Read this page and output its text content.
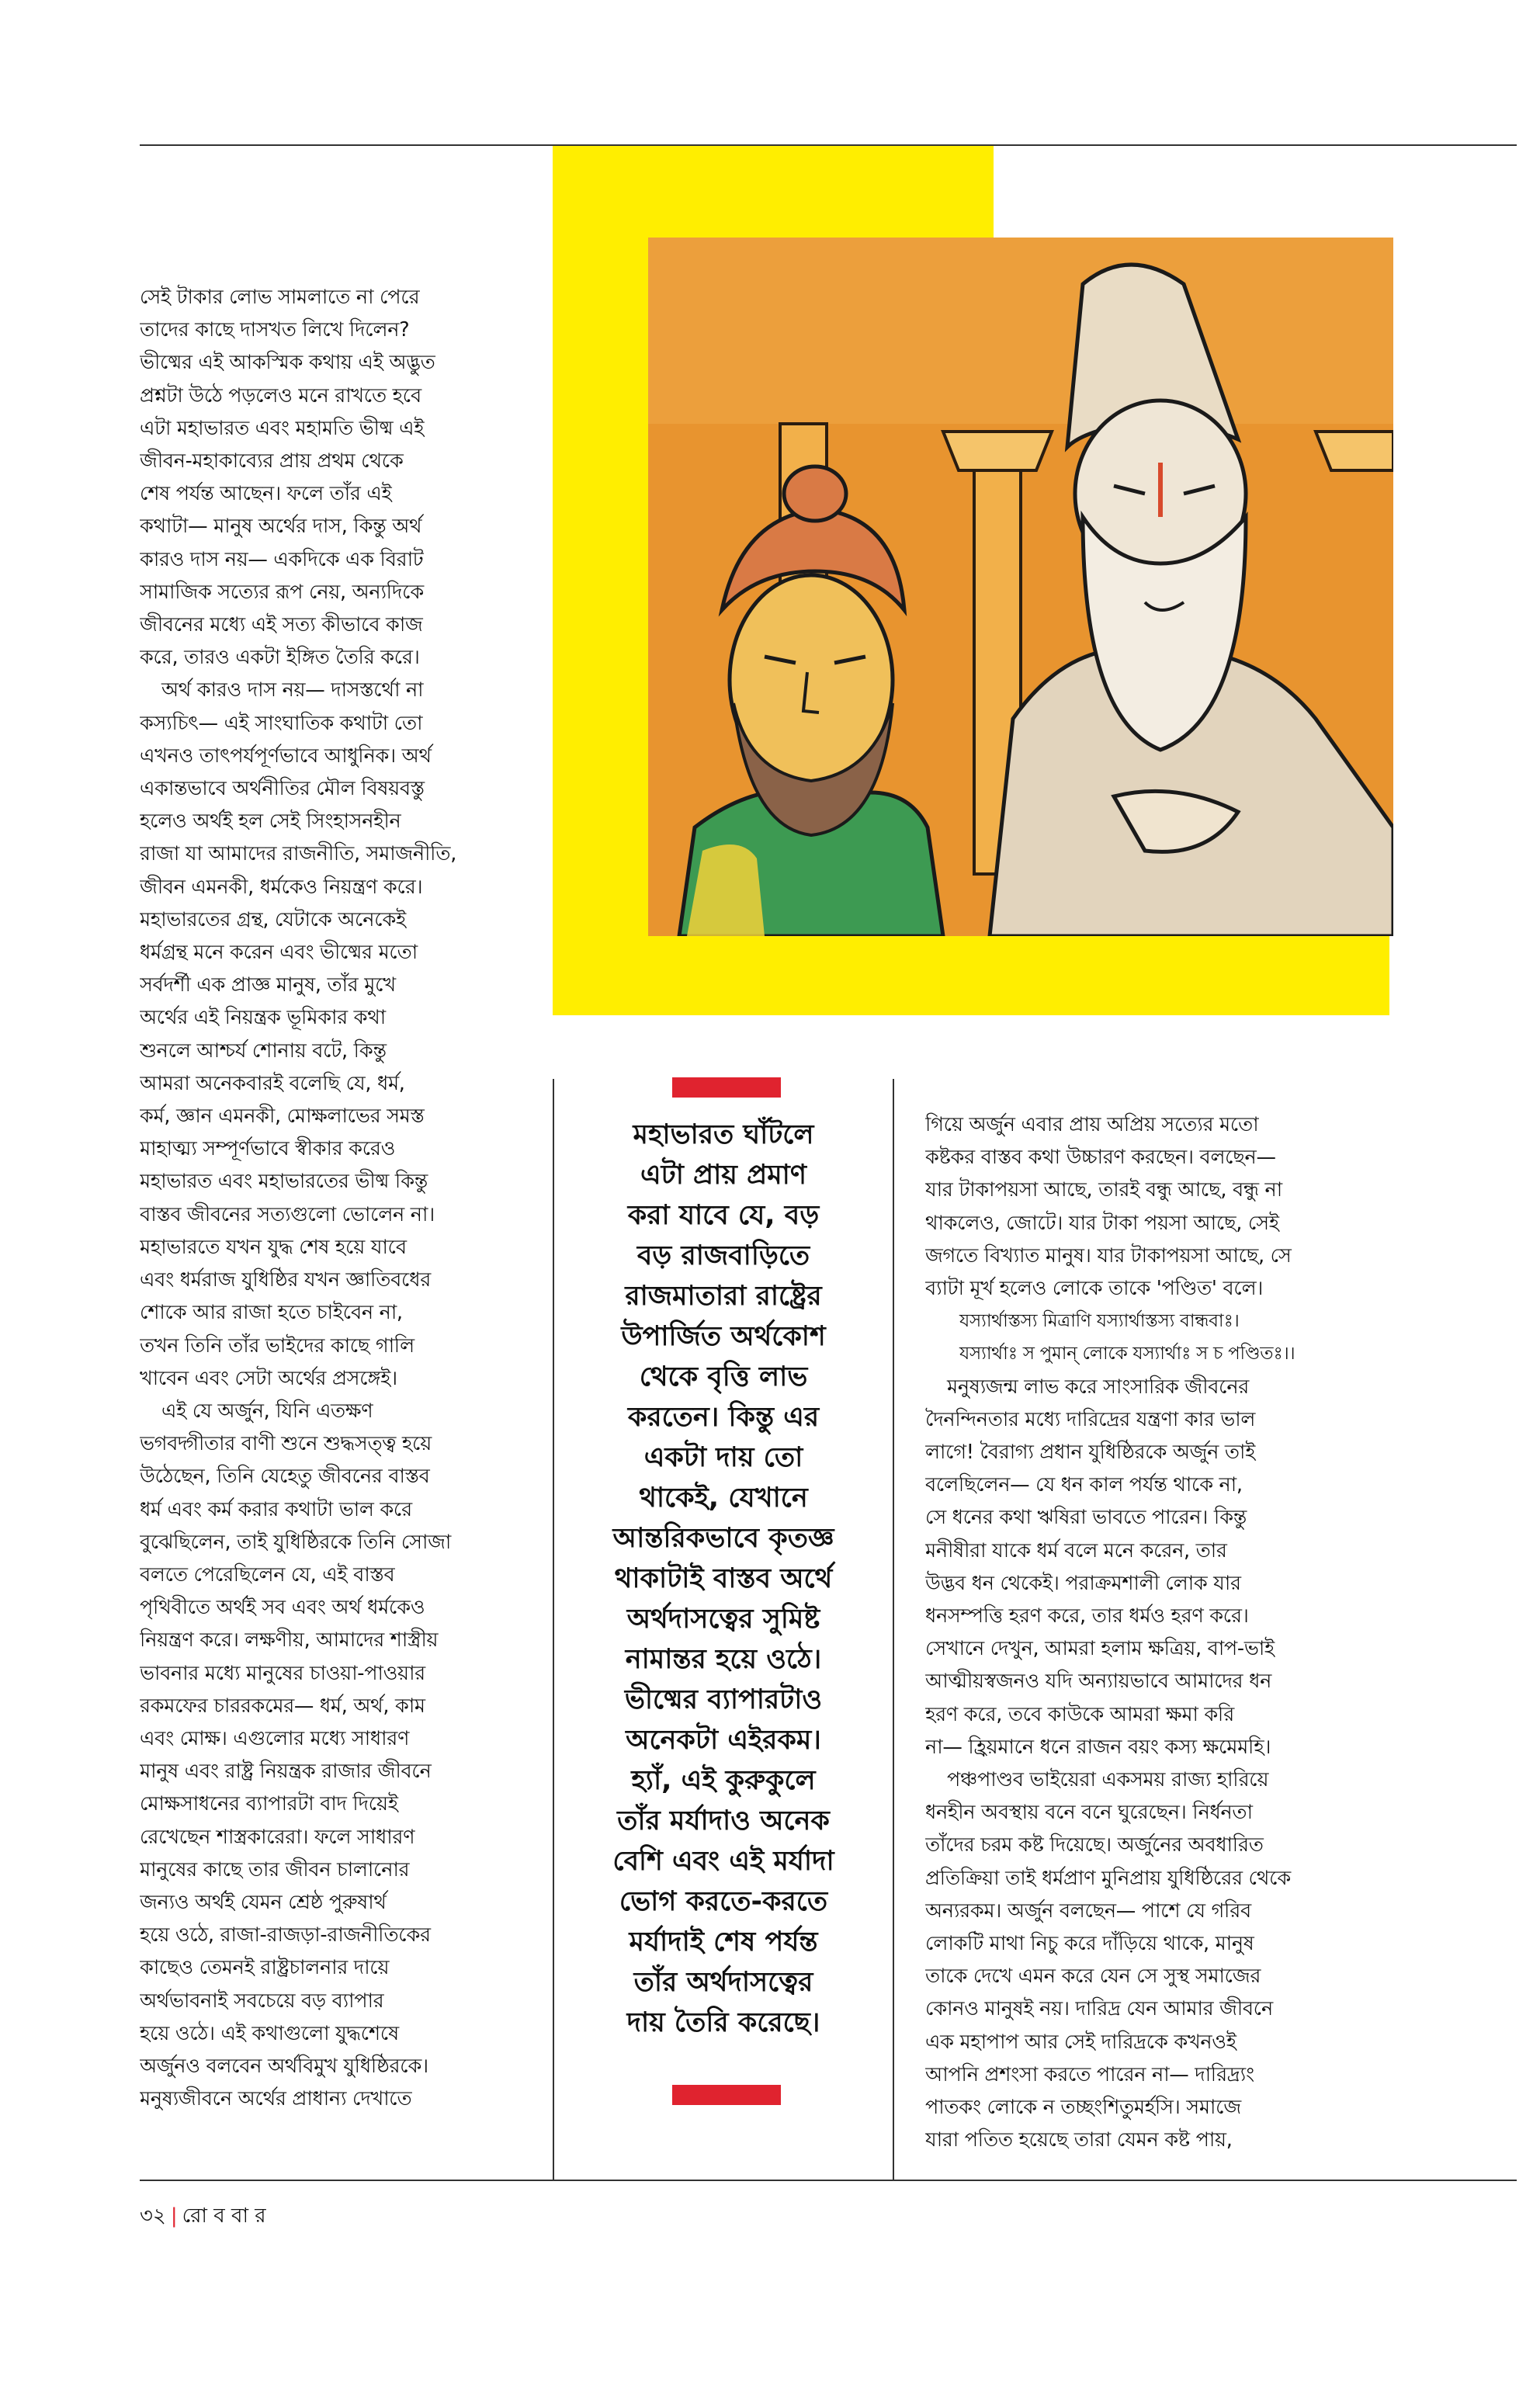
সেই টাকার লোভ সামলাতে না পেরে
তাদের কাছে দাসখত লিখে দিলেন?
ভীষ্মের এই আকস্মিক কথায় এই অদ্ভুত
প্রশ্নটা উঠে পড়লেও মনে রাখতে হবে
এটা মহাভারত এবং মহামতি ভীষ্ম এই
জীবন-মহাকাব্যের প্রায় প্রথম থেকে
শেষ পর্যন্ত আছেন। ফলে তাঁর এই
কথাটা— মানুষ অর্থের দাস, কিন্তু অর্থ
কারও দাস নয়— একদিকে এক বিরাট
সামাজিক সত্যের রূপ নেয়, অন্যদিকে
জীবনের মধ্যে এই সত্য কীভাবে কাজ
করে, তারও একটা ইঙ্গিত তৈরি করে।
অর্থ কারও দাস নয়— দাসস্তর্থো না
কস্যচিৎ— এই সাংঘাতিক কথাটা তো
এখনও তাৎপর্যপূর্ণভাবে আধুনিক। অর্থ
একান্তভাবে অর্থনীতির মৌল বিষয়বস্তু
হলেও অর্থই হল সেই সিংহাসনহীন
রাজা যা আমাদের রাজনীতি, সমাজনীতি,
জীবন এমনকী, ধর্মকেও নিয়ন্ত্রণ করে।
মহাভারতের গ্রন্থ, যেটাকে অনেকেই
ধর্মগ্রন্থ মনে করেন এবং ভীষ্মের মতো
সর্বদর্শী এক প্রাজ্ঞ মানুষ, তাঁর মুখে
অর্থের এই নিয়ন্ত্রক ভূমিকার কথা
শুনলে আশ্চর্য শোনায় বটে, কিন্তু
আমরা অনেকবারই বলেছি যে, ধর্ম,
কর্ম, জ্ঞান এমনকী, মোক্ষলাভের সমস্ত
মাহাত্ম্য সম্পূর্ণভাবে স্বীকার করেও
মহাভারত এবং মহাভারতের ভীষ্ম কিন্তু
বাস্তব জীবনের সত্যগুলো ভোলেন না।
মহাভারতে যখন যুদ্ধ শেষ হয়ে যাবে
এবং ধর্মরাজ যুধিষ্ঠির যখন জ্ঞাতিবধের
শোকে আর রাজা হতে চাইবেন না,
তখন তিনি তাঁর ভাইদের কাছে গালি
খাবেন এবং সেটা অর্থের প্রসঙ্গেই।
এই যে অর্জুন, যিনি এতক্ষণ
ভগবদ্গীতার বাণী শুনে শুদ্ধসত্ত্ব হয়ে
উঠেছেন, তিনি যেহেতু জীবনের বাস্তব
ধর্ম এবং কর্ম করার কথাটা ভাল করে
বুঝেছিলেন, তাই যুধিষ্ঠিরকে তিনি সোজা
বলতে পেরেছিলেন যে, এই বাস্তব
পৃথিবীতে অর্থই সব এবং অর্থ ধর্মকেও
নিয়ন্ত্রণ করে। লক্ষণীয়, আমাদের শাস্ত্রীয়
ভাবনার মধ্যে মানুষের চাওয়া-পাওয়ার
রকমফের চাররকমের— ধর্ম, অর্থ, কাম
এবং মোক্ষ। এগুলোর মধ্যে সাধারণ
মানুষ এবং রাষ্ট্র নিয়ন্ত্রক রাজার জীবনে
মোক্ষসাধনের ব্যাপারটা বাদ দিয়েই
রেখেছেন শাস্ত্রকারেরা। ফলে সাধারণ
মানুষের কাছে তার জীবন চালানোর
জন্যও অর্থই যেমন শ্রেষ্ঠ পুরুষার্থ
হয়ে ওঠে, রাজা-রাজড়া-রাজনীতিকের
কাছেও তেমনই রাষ্ট্রচালনার দায়ে
অর্থভাবনাই সবচেয়ে বড় ব্যাপার
হয়ে ওঠে। এই কথাগুলো যুদ্ধশেষে
অর্জুনও বলবেন অর্থবিমুখ যুধিষ্ঠিরকে।
মনুষ্যজীবনে অর্থের প্রাধান্য দেখাতে
মহাভারত ঘাঁটলে
এটা প্রায় প্রমাণ
করা যাবে যে, বড়
বড় রাজবাড়িতে
রাজমাতারা রাষ্ট্রের
উপার্জিত অর্থকোশ
থেকে বৃত্তি লাভ
করতেন। কিন্তু এর
একটা দায় তো
থাকেই, যেখানে
আন্তরিকভাবে কৃতজ্ঞ
থাকাটাই বাস্তব অর্থে
অর্থদাসত্বের সুমিষ্ট
নামান্তর হয়ে ওঠে।
ভীষ্মের ব্যাপারটাও
অনেকটা এইরকম।
হ্যাঁ, এই কুরুকুলে
তাঁর মর্যাদাও অনেক
বেশি এবং এই মর্যাদা
ভোগ করতে-করতে
মর্যাদাই শেষ পর্যন্ত
তাঁর অর্থদাসত্বের
দায় তৈরি করেছে।
গিয়ে অর্জুন এবার প্রায় অপ্রিয় সত্যের মতো
কষ্টকর বাস্তব কথা উচ্চারণ করছেন। বলছেন—
যার টাকাপয়সা আছে, তারই বন্ধু আছে, বন্ধু না
থাকলেও, জোটে। যার টাকা পয়সা আছে, সেই
জগতে বিখ্যাত মানুষ। যার টাকাপয়সা আছে, সে
ব্যাটা মূর্খ হলেও লোকে তাকে 'পণ্ডিত' বলে।
যস্যার্থাস্তস্য মিত্রাণি যস্যার্থাস্তস্য বান্ধবাঃ।
যস্যার্থাঃ স পুমান্ লোকে যস্যার্থাঃ স চ পণ্ডিতঃ।।
মনুষ্যজন্ম লাভ করে সাংসারিক জীবনের
দৈনন্দিনতার মধ্যে দারিদ্রের যন্ত্রণা কার ভাল
লাগে! বৈরাগ্য প্রধান যুধিষ্ঠিরকে অর্জুন তাই
বলেছিলেন— যে ধন কাল পর্যন্ত থাকে না,
সে ধনের কথা ঋষিরা ভাবতে পারেন। কিন্তু
মনীষীরা যাকে ধর্ম বলে মনে করেন, তার
উদ্ভব ধন থেকেই। পরাক্রমশালী লোক যার
ধনসম্পত্তি হরণ করে, তার ধর্মও হরণ করে।
সেখানে দেখুন, আমরা হলাম ক্ষত্রিয়, বাপ-ভাই
আত্মীয়স্বজনও যদি অন্যায়ভাবে আমাদের ধন
হরণ করে, তবে কাউকে আমরা ক্ষমা করি
না— হ্রিয়মানে ধনে রাজন বয়ং কস্য ক্ষমেমহি।
পঞ্চপাণ্ডব ভাইয়েরা একসময় রাজ্য হারিয়ে
ধনহীন অবস্থায় বনে বনে ঘুরেছেন। নির্ধনতা
তাঁদের চরম কষ্ট দিয়েছে। অর্জুনের অবধারিত
প্রতিক্রিয়া তাই ধর্মপ্রাণ মুনিপ্রায় যুধিষ্ঠিরের থেকে
অন্যরকম। অর্জুন বলছেন— পাশে যে গরিব
লোকটি মাথা নিচু করে দাঁড়িয়ে থাকে, মানুষ
তাকে দেখে এমন করে যেন সে সুস্থ সমাজের
কোনও মানুষই নয়। দারিদ্র যেন আমার জীবনে
এক মহাপাপ আর সেই দারিদ্রকে কখনওই
আপনি প্রশংসা করতে পারেন না— দারিদ্র্যং
পাতকং লোকে ন তচ্ছংশিতুমর্হসি। সমাজে
যারা পতিত হয়েছে তারা যেমন কষ্ট পায়,
৩২ | রো ব বা র
